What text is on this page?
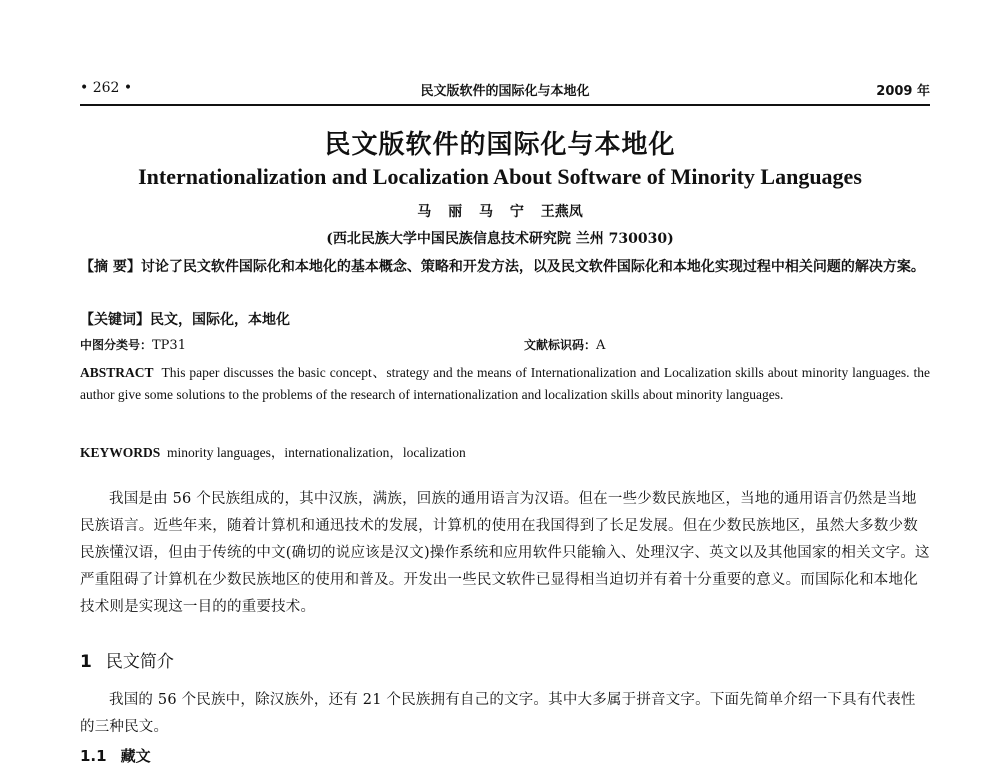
• 262 •	民文版软件的国际化与本地化	2009 年
民文版软件的国际化与本地化
Internationalization and Localization About Software of Minority Languages
马 丽 马 宁 王燕凤
(西北民族大学中国民族信息技术研究院 兰州 730030)
【摘 要】讨论了民文软件国际化和本地化的基本概念、策略和开发方法，以及民文软件国际化和本地化实现过程中相关问题的解决方案。
【关键词】民文，国际化，本地化
中图分类号：TP31	文献标识码：A
ABSTRACT This paper discusses the basic concept、strategy and the means of Internationalization and Localization skills about minority languages. the author give some solutions to the problems of the research of internationalization and localization skills about minority languages.
KEYWORDS minority languages，internationalization，localization
我国是由 56 个民族组成的，其中汉族，满族，回族的通用语言为汉语。但在一些少数民族地区，当地的通用语言仍然是当地民族语言。近些年来，随着计算机和通迅技术的发展，计算机的使用在我国得到了长足发展。但在少数民族地区，虽然大多数少数民族懂汉语，但由于传统的中文(确切的说应该是汉文)操作系统和应用软件只能输入、处理汉字、英文以及其他国家的相关文字。这严重阻碍了计算机在少数民族地区的使用和普及。开发出一些民文软件已显得相当迫切并有着十分重要的意义。而国际化和本地化技术则是实现这一目的的重要技术。
1 民文简介
我国的 56 个民族中，除汉族外，还有 21 个民族拥有自己的文字。其中大多属于拼音文字。下面先简单介绍一下具有代表性的三种民文。
1.1 藏文
